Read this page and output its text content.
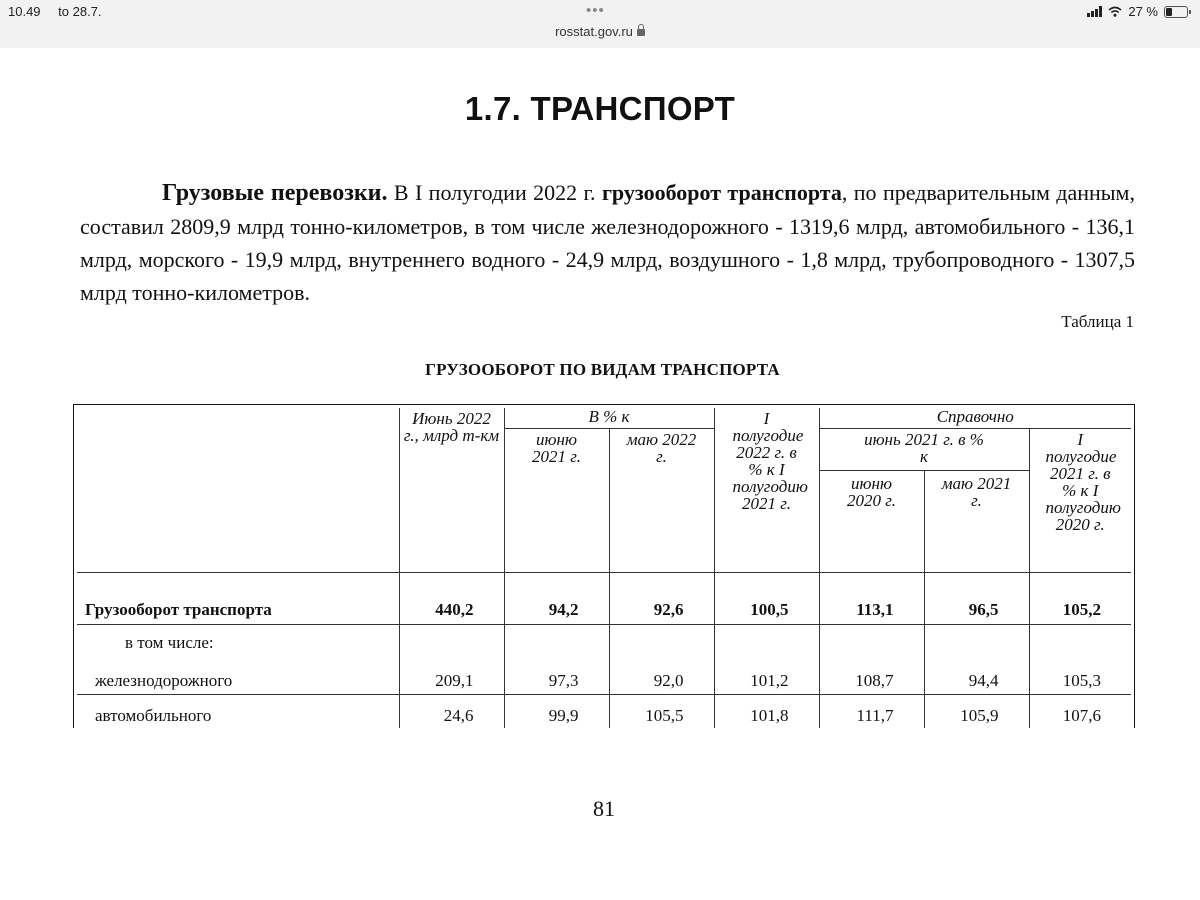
10.49 to 28.7.	•••	27 %
rosstat.gov.ru
1.7. ТРАНСПОРТ

Грузовые перевозки. В I полугодии 2022 г. грузооборот транспорта, по предварительным данным, составил 2809,9 млрд тонно-километров, в том числе железнодорожного - 1319,6 млрд, автомобильного - 136,1 млрд, морского - 19,9 млрд, внутреннего водного - 24,9 млрд, воздушного - 1,8 млрд, трубопроводного - 1307,5 млрд тонно-километров.

Таблица 1
ГРУЗООБОРОТ ПО ВИДАМ ТРАНСПОРТА
	Июнь 2022 г., млрд т-км	В % к		I полугодие 2022 г. в % к I полугодию 2021 г.	Справочно		
		июню 2021 г.	маю 2022 г.		июнь 2021 г. в % к		I полугодие 2021 г. в % к I полугодию 2020 г.
					июню 2020 г.	маю 2021 г.	
Грузооборот транспорта	440,2	94,2	92,6	100,5	113,1	96,5	105,2

в том числе:
железнодорожного	209,1	97,3	92,0	101,2	108,7	94,4	105,3
автомобильного	24,6	99,9	105,5	101,8	111,7	105,9	107,6
81
